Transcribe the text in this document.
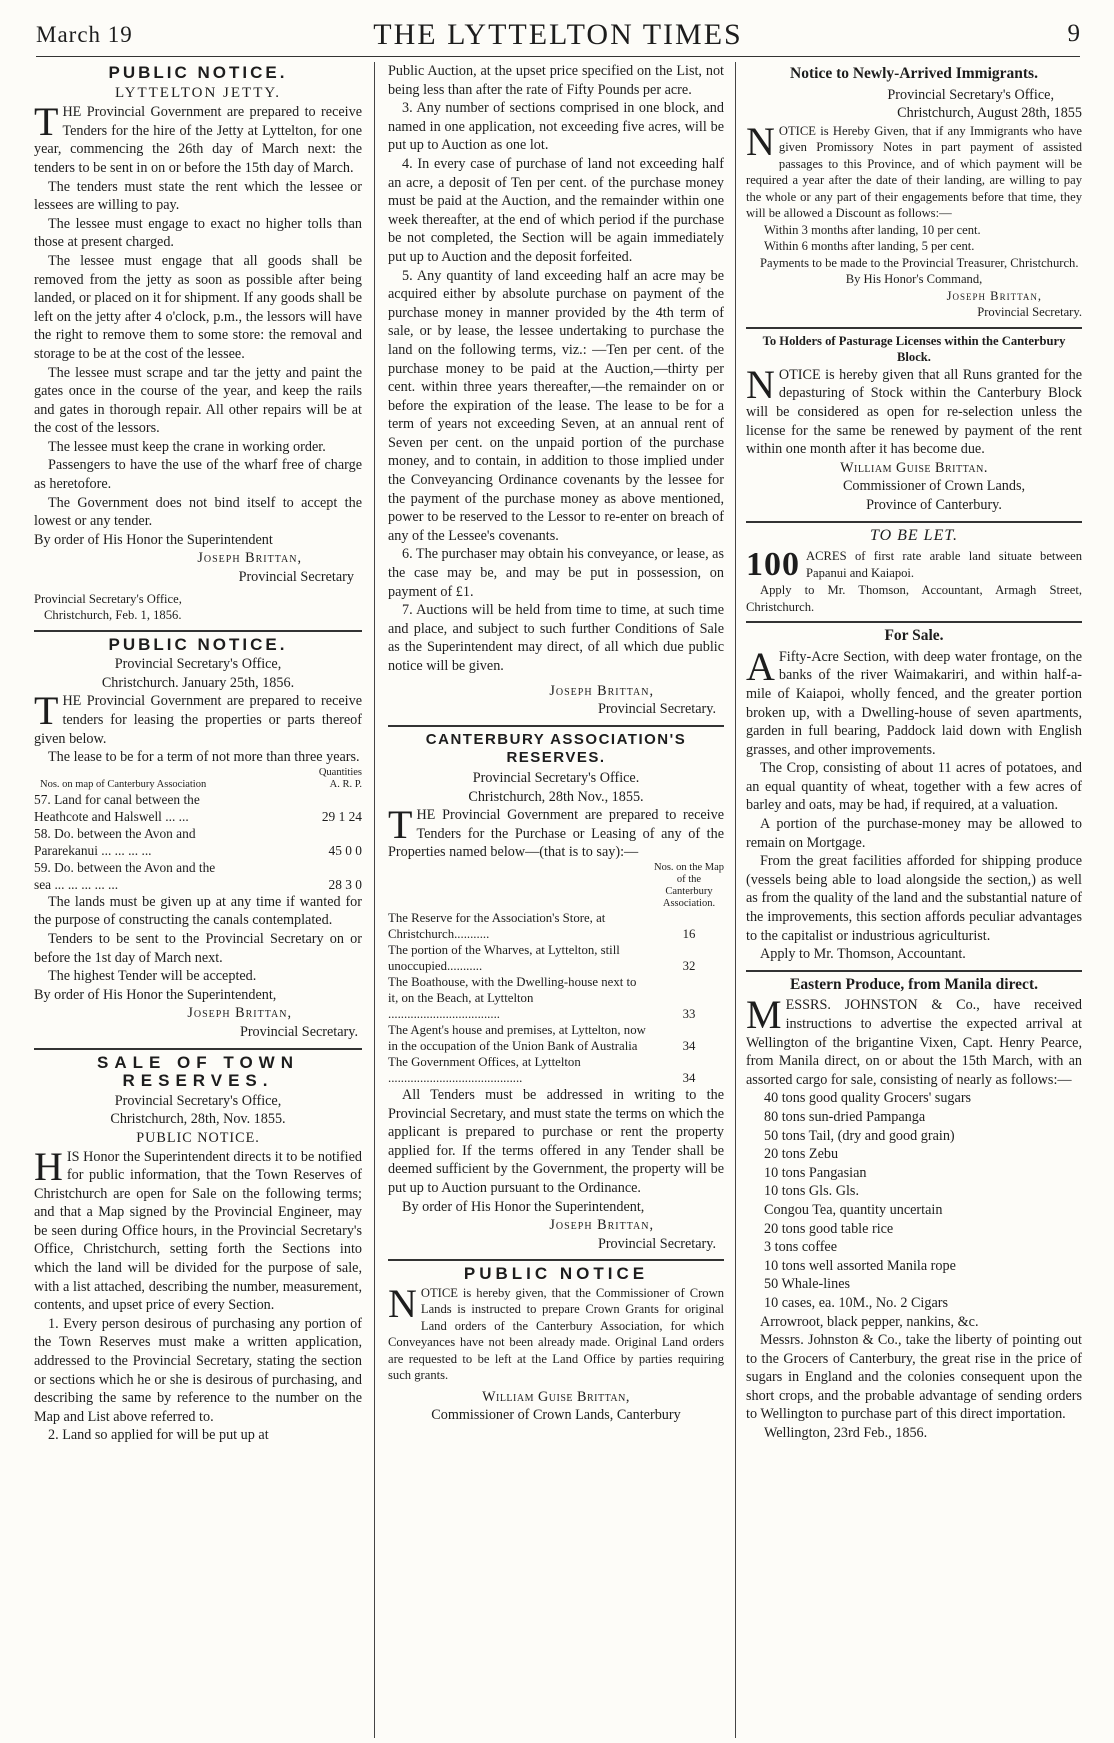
March 19	THE LYTTELTON TIMES	9
PUBLIC NOTICE.
LYTTELTON JETTY.

THE Provincial Government are prepared to receive Tenders for the hire of the Jetty at Lyttelton, for one year, commencing the 26th day of March next: the tenders to be sent in on or before the 15th day of March.

The tenders must state the rent which the lessee or lessees are willing to pay.

The lessee must engage to exact no higher tolls than those at present charged.

The lessee must engage that all goods shall be removed from the jetty as soon as possible after being landed, or placed on it for shipment. If any goods shall be left on the jetty after 4 o'clock, p.m., the lessors will have the right to remove them to some store: the removal and storage to be at the cost of the lessee.

The lessee must scrape and tar the jetty and paint the gates once in the course of the year, and keep the rails and gates in thorough repair. All other repairs will be at the cost of the lessors.

The lessee must keep the crane in working order.

Passengers to have the use of the wharf free of charge as heretofore.

The Government does not bind itself to accept the lowest or any tender.

By order of His Honor the Superintendent

Joseph Brittan,
Provincial Secretary
Provincial Secretary's Office,
Christchurch, Feb. 1, 1856.
PUBLIC NOTICE.
Provincial Secretary's Office,
Christchurch. January 25th, 1856.

THE Provincial Government are prepared to receive tenders for leasing the properties or parts thereof given below.

The lease to be for a term of not more than three years.

Nos. on map of Canterbury Association	Quantities
A. R. P.
57. Land for canal between the Heathcote and Halswell ... ...	29 1 24
58. Do. between the Avon and Pararekanui ... ... ... ...	45 0 0
59. Do. between the Avon and the sea ... ... ... ... ...	28 3 0

The lands must be given up at any time if wanted for the purpose of constructing the canals contemplated.

Tenders to be sent to the Provincial Secretary on or before the 1st day of March next.

The highest Tender will be accepted.

By order of His Honor the Superintendent,

Joseph Brittan,
Provincial Secretary.
SALE OF TOWN RESERVES.
Provincial Secretary's Office,
Christchurch, 28th, Nov. 1855.
PUBLIC NOTICE.

HIS Honor the Superintendent directs it to be notified for public information, that the Town Reserves of Christchurch are open for Sale on the following terms; and that a Map signed by the Provincial Engineer, may be seen during Office hours, in the Provincial Secretary's Office, Christchurch, setting forth the Sections into which the land will be divided for the purpose of sale, with a list attached, describing the number, measurement, contents, and upset price of every Section.

1. Every person desirous of purchasing any portion of the Town Reserves must make a written application, addressed to the Provincial Secretary, stating the section or sections which he or she is desirous of purchasing, and describing the same by reference to the number on the Map and List above referred to.

2. Land so applied for will be put up at

Public Auction, at the upset price specified on the List, not being less than after the rate of Fifty Pounds per acre.

3. Any number of sections comprised in one block, and named in one application, not exceeding five acres, will be put up to Auction as one lot.

4. In every case of purchase of land not exceeding half an acre, a deposit of Ten per cent. of the purchase money must be paid at the Auction, and the remainder within one week thereafter, at the end of which period if the purchase be not completed, the Section will be again immediately put up to Auction and the deposit forfeited.

5. Any quantity of land exceeding half an acre may be acquired either by absolute purchase on payment of the purchase money in manner provided by the 4th term of sale, or by lease, the lessee undertaking to purchase the land on the following terms, viz.: —Ten per cent. of the purchase money to be paid at the Auction,—thirty per cent. within three years thereafter,—the remainder on or before the expiration of the lease. The lease to be for a term of years not exceeding Seven, at an annual rent of Seven per cent. on the unpaid portion of the purchase money, and to contain, in addition to those implied under the Conveyancing Ordinance covenants by the lessee for the payment of the purchase money as above mentioned, power to be reserved to the Lessor to re-enter on breach of any of the Lessee's covenants.

6. The purchaser may obtain his conveyance, or lease, as the case may be, and may be put in possession, on payment of £1.

7. Auctions will be held from time to time, at such time and place, and subject to such further Conditions of Sale as the Superintendent may direct, of all which due public notice will be given.

Joseph Brittan,
Provincial Secretary.
CANTERBURY ASSOCIATION'S RESERVES.
Provincial Secretary's Office.
Christchurch, 28th Nov., 1855.

THE Provincial Government are prepared to receive Tenders for the Purchase or Leasing of any of the Properties named below—(that is to say):—

	Nos. on the Map of the Canterbury Association.
The Reserve for the Association's Store, at Christchurch...........	16
The portion of the Wharves, at Lyttelton, still unoccupied...........	32
The Boathouse, with the Dwelling-house next to it, on the Beach, at Lyttelton ...................................	33
The Agent's house and premises, at Lyttelton, now in the occupation of the Union Bank of Australia	34
The Government Offices, at Lyttelton ..........................................	34

All Tenders must be addressed in writing to the Provincial Secretary, and must state the terms on which the applicant is prepared to purchase or rent the property applied for. If the terms offered in any Tender shall be deemed sufficient by the Government, the property will be put up to Auction pursuant to the Ordinance.

By order of His Honor the Superintendent,

Joseph Brittan,
Provincial Secretary.
PUBLIC NOTICE

NOTICE is hereby given, that the Commissioner of Crown Lands is instructed to prepare Crown Grants for original Land orders of the Canterbury Association, for which Conveyances have not been already made. Original Land orders are requested to be left at the Land Office by parties requiring such grants.

William Guise Brittan,
Commissioner of Crown Lands, Canterbury
Notice to Newly-Arrived Immigrants.
Provincial Secretary's Office,
Christchurch, August 28th, 1855

NOTICE is Hereby Given, that if any Immigrants who have given Promissory Notes in part payment of assisted passages to this Province, and of which payment will be required a year after the date of their landing, are willing to pay the whole or any part of their engagements before that time, they will be allowed a Discount as follows:—

Within 3 months after landing, 10 per cent.
Within 6 months after landing, 5 per cent.

Payments to be made to the Provincial Treasurer, Christchurch.

By His Honor's Command,
Joseph Brittan,
Provincial Secretary.
To Holders of Pasturage Licenses within the Canterbury Block.

NOTICE is hereby given that all Runs granted for the depasturing of Stock within the Canterbury Block will be considered as open for re-selection unless the license for the same be renewed by payment of the rent within one month after it has become due.

William Guise Brittan.
Commissioner of Crown Lands,
Province of Canterbury.
TO BE LET.

100 ACRES of first rate arable land situate between Papanui and Kaiapoi.

Apply to Mr. Thomson, Accountant, Armagh Street, Christchurch.

For Sale.

A Fifty-Acre Section, with deep water frontage, on the banks of the river Waimakariri, and within half-a-mile of Kaiapoi, wholly fenced, and the greater portion broken up, with a Dwelling-house of seven apartments, garden in full bearing, Paddock laid down with English grasses, and other improvements.

The Crop, consisting of about 11 acres of potatoes, and an equal quantity of wheat, together with a few acres of barley and oats, may be had, if required, at a valuation.

A portion of the purchase-money may be allowed to remain on Mortgage.

From the great facilities afforded for shipping produce (vessels being able to load alongside the section,) as well as from the quality of the land and the substantial nature of the improvements, this section affords peculiar advantages to the capitalist or industrious agriculturist.

Apply to Mr. Thomson, Accountant.

Eastern Produce, from Manila direct.

MESSRS. JOHNSTON & Co., have received instructions to advertise the expected arrival at Wellington of the brigantine Vixen, Capt. Henry Pearce, from Manila direct, on or about the 15th March, with an assorted cargo for sale, consisting of nearly as follows:—

40 tons good quality Grocers' sugars
80 tons sun-dried Pampanga
50 tons Tail, (dry and good grain)
20 tons Zebu
10 tons Pangasian
10 tons Gls. Gls.
Congou Tea, quantity uncertain
20 tons good table rice
3 tons coffee
10 tons well assorted Manila rope
50 Whale-lines
10 cases, ea. 10M., No. 2 Cigars

Arrowroot, black pepper, nankins, &c.

Messrs. Johnston & Co., take the liberty of pointing out to the Grocers of Canterbury, the great rise in the price of sugars in England and the colonies consequent upon the short crops, and the probable advantage of sending orders to Wellington to purchase part of this direct importation.

Wellington, 23rd Feb., 1856.
